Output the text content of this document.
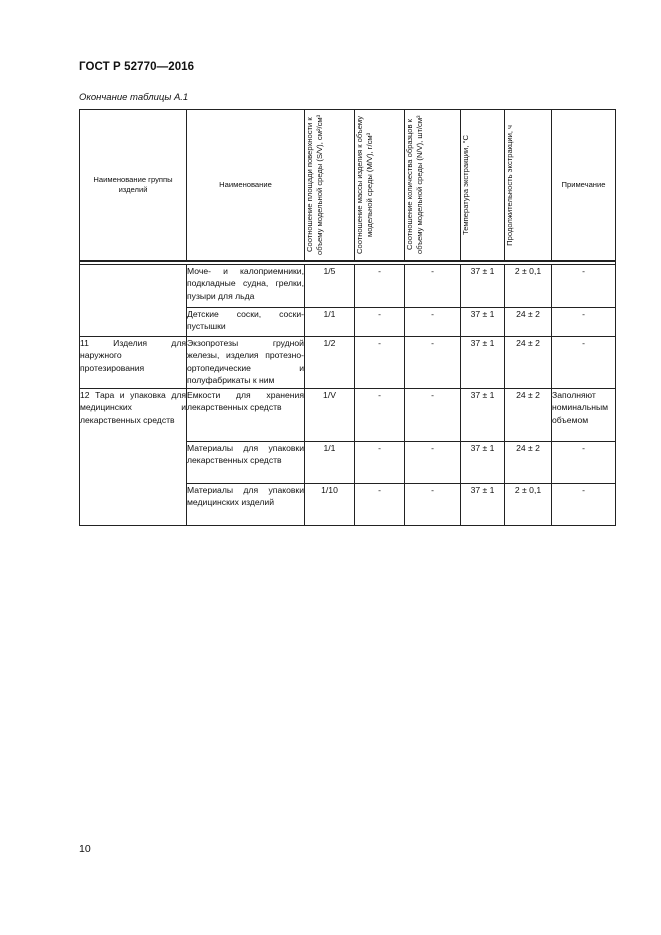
ГОСТ Р 52770—2016
Окончание таблицы А.1
Наименование группы изделий	Наименование	Соотношение площади поверхности к объему модельной среды (S/V), см²/см³	Соотношение массы изделия к объему модельной среды (M/V), г/см³	Соотношение количества образцов к объему модельной среды (N/V), шт/см³	Температура экстракции, °C	Продолжительность экстракции, ч	Примечание

	Моче- и калоприемники, подкладные судна, грелки, пузыри для льда	1/5	-	-	37 ± 1	2 ± 0,1	-
	Детские соски, соски-пустышки	1/1	-	-	37 ± 1	24 ± 2	-
11 Изделия для наружного протезирования	Экзопротезы грудной железы, изделия протезно-ортопедические и полуфабрикаты к ним	1/2	-	-	37 ± 1	24 ± 2	-
12 Тара и упаковка для медицинских и лекарственных средств	Емкости для хранения лекарственных средств	1/V	-	-	37 ± 1	24 ± 2	Заполняют номинальным объемом
	Материалы для упаковки лекарственных средств	1/1	-	-	37 ± 1	24 ± 2	-
	Материалы для упаковки медицинских изделий	1/10	-	-	37 ± 1	2 ± 0,1	-
10
